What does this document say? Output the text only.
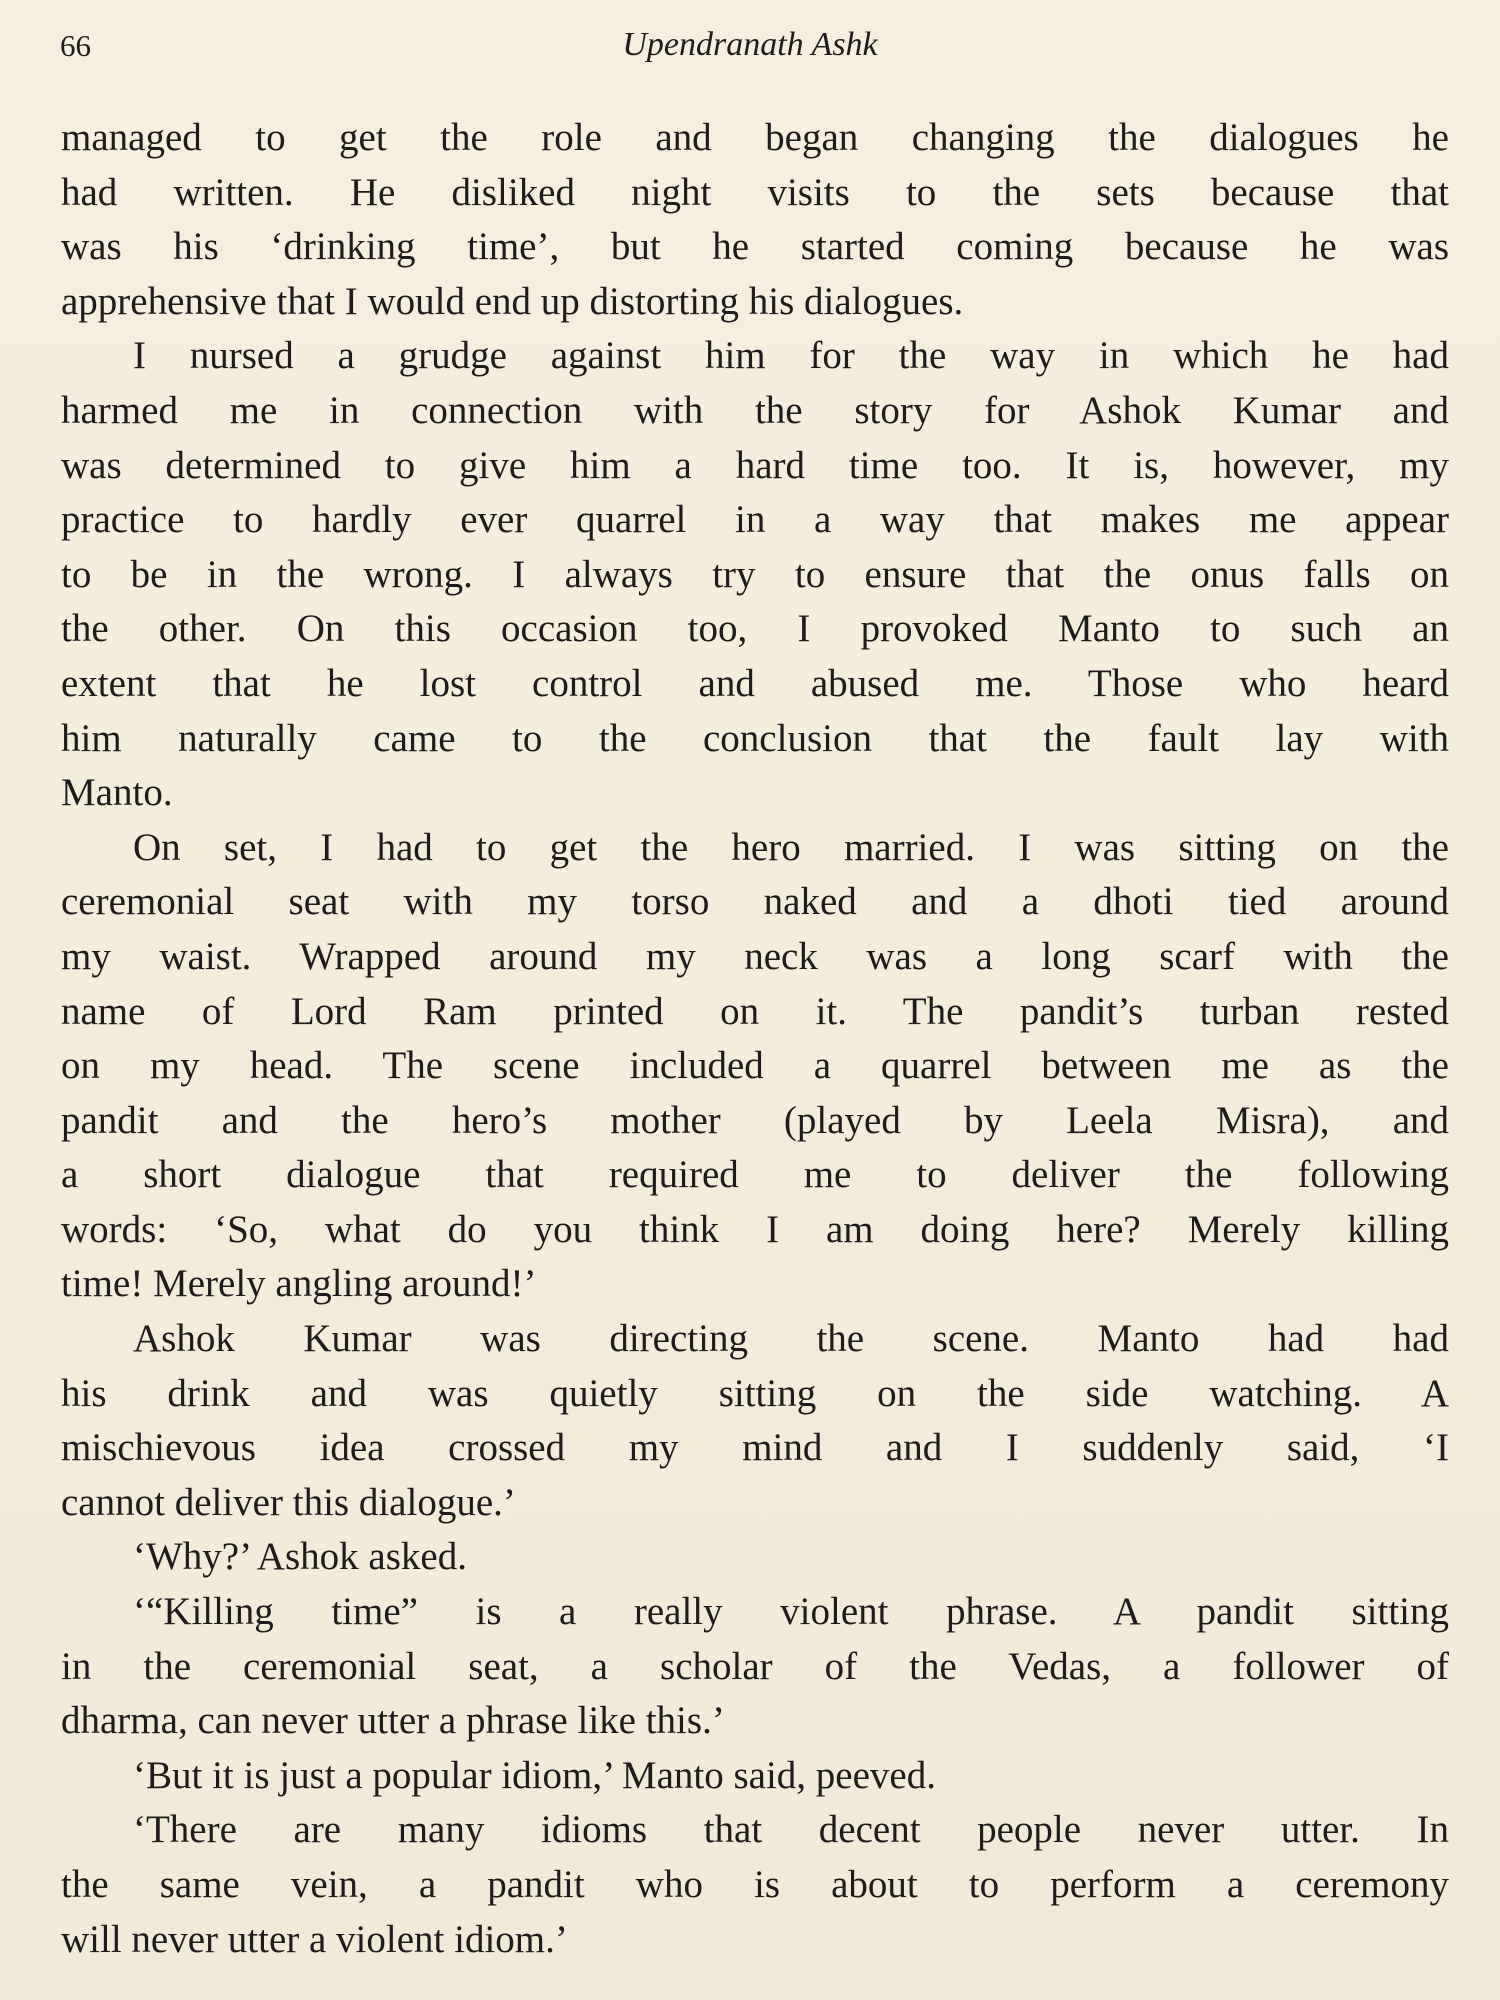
66	Upendranath Ashk
managed to get the role and began changing the dialogues he
had written. He disliked night visits to the sets because that
was his ‘drinking time’, but he started coming because he was
apprehensive that I would end up distorting his dialogues.
I nursed a grudge against him for the way in which he had
harmed me in connection with the story for Ashok Kumar and
was determined to give him a hard time too. It is, however, my
practice to hardly ever quarrel in a way that makes me appear
to be in the wrong. I always try to ensure that the onus falls on
the other. On this occasion too, I provoked Manto to such an
extent that he lost control and abused me. Those who heard
him naturally came to the conclusion that the fault lay with
Manto.
On set, I had to get the hero married. I was sitting on the
ceremonial seat with my torso naked and a dhoti tied around
my waist. Wrapped around my neck was a long scarf with the
name of Lord Ram printed on it. The pandit’s turban rested
on my head. The scene included a quarrel between me as the
pandit and the hero’s mother (played by Leela Misra), and
a short dialogue that required me to deliver the following
words: ‘So, what do you think I am doing here? Merely killing
time! Merely angling around!’
Ashok Kumar was directing the scene. Manto had had
his drink and was quietly sitting on the side watching. A
mischievous idea crossed my mind and I suddenly said, ‘I
cannot deliver this dialogue.’
‘Why?’ Ashok asked.
‘“Killing time” is a really violent phrase. A pandit sitting
in the ceremonial seat, a scholar of the Vedas, a follower of
dharma, can never utter a phrase like this.’
‘But it is just a popular idiom,’ Manto said, peeved.
‘There are many idioms that decent people never utter. In
the same vein, a pandit who is about to perform a ceremony
will never utter a violent idiom.’
